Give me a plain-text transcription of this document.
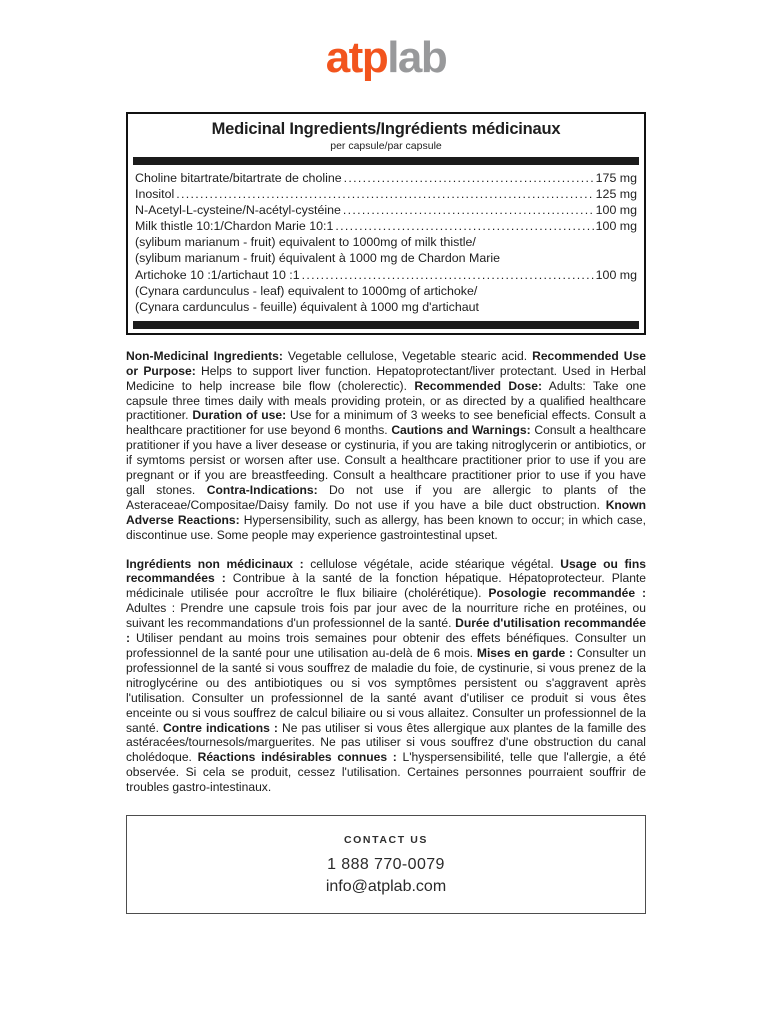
atplab
Medicinal Ingredients/Ingrédients médicinaux
per capsule/par capsule
Choline bitartrate/bitartrate de choline .....	175 mg
Inositol .....	125 mg
N-Acetyl-L-cysteine/N-acétyl-cystéine .....	100 mg
Milk thistle 10:1/Chardon Marie 10:1 .....	100 mg
(sylibum marianum - fruit) equivalent to 1000mg of milk thistle/
(sylibum marianum - fruit) équivalent à 1000 mg de Chardon Marie
Artichoke 10 :1/artichaut 10 :1 .....	100 mg
(Cynara cardunculus - leaf) equivalent to 1000mg of artichoke/
(Cynara cardunculus - feuille) équivalent à 1000 mg d'artichaut

Non-Medicinal Ingredients: Vegetable cellulose, Vegetable stearic acid. Recommended Use or Purpose: Helps to support liver function. Hepatoprotectant/liver protectant. Used in Herbal Medicine to help increase bile flow (cholerectic). Recommended Dose: Adults: Take one capsule three times daily with meals providing protein, or as directed by a qualified healthcare practitioner. Duration of use: Use for a minimum of 3 weeks to see beneficial effects. Consult a healthcare practitioner for use beyond 6 months. Cautions and Warnings: Consult a healthcare pratitioner if you have a liver desease or cystinuria, if you are taking nitroglycerin or antibiotics, or if symtoms persist or worsen after use. Consult a healthcare practitioner prior to use if you are pregnant or if you are breastfeeding. Consult a healthcare practitioner prior to use if you have gall stones. Contra-Indications: Do not use if you are allergic to plants of the Asteraceae/Compositae/Daisy family. Do not use if you have a bile duct obstruction. Known Adverse Reactions: Hypersensibility, such as allergy, has been known to occur; in which case, discontinue use. Some people may experience gastrointestinal upset.

Ingrédients non médicinaux : cellulose végétale, acide stéarique végétal. Usage ou fins recommandées : Contribue à la santé de la fonction hépatique. Hépatoprotecteur. Plante médicinale utilisée pour accroître le flux biliaire (cholérétique). Posologie recommandée : Adultes : Prendre une capsule trois fois par jour avec de la nourriture riche en protéines, ou suivant les recommandations d'un professionnel de la santé. Durée d'utilisation recommandée : Utiliser pendant au moins trois semaines pour obtenir des effets bénéfiques. Consulter un professionnel de la santé pour une utilisation au-delà de 6 mois. Mises en garde : Consulter un professionnel de la santé si vous souffrez de maladie du foie, de cystinurie, si vous prenez de la nitroglycérine ou des antibiotiques ou si vos symptômes persistent ou s'aggravent après l'utilisation. Consulter un professionnel de la santé avant d'utiliser ce produit si vous êtes enceinte ou si vous souffrez de calcul biliaire ou si vous allaitez. Consulter un professionnel de la santé. Contre indications : Ne pas utiliser si vous êtes allergique aux plantes de la famille des astéracées/tournesols/marguerites. Ne pas utiliser si vous souffrez d'une obstruction du canal cholédoque. Réactions indésirables connues : L'hyspersensibilité, telle que l'allergie, a été observée. Si cela se produit, cessez l'utilisation. Certaines personnes pourraient souffrir de troubles gastro-intestinaux.

CONTACT US
1 888 770-0079
info@atplab.com
